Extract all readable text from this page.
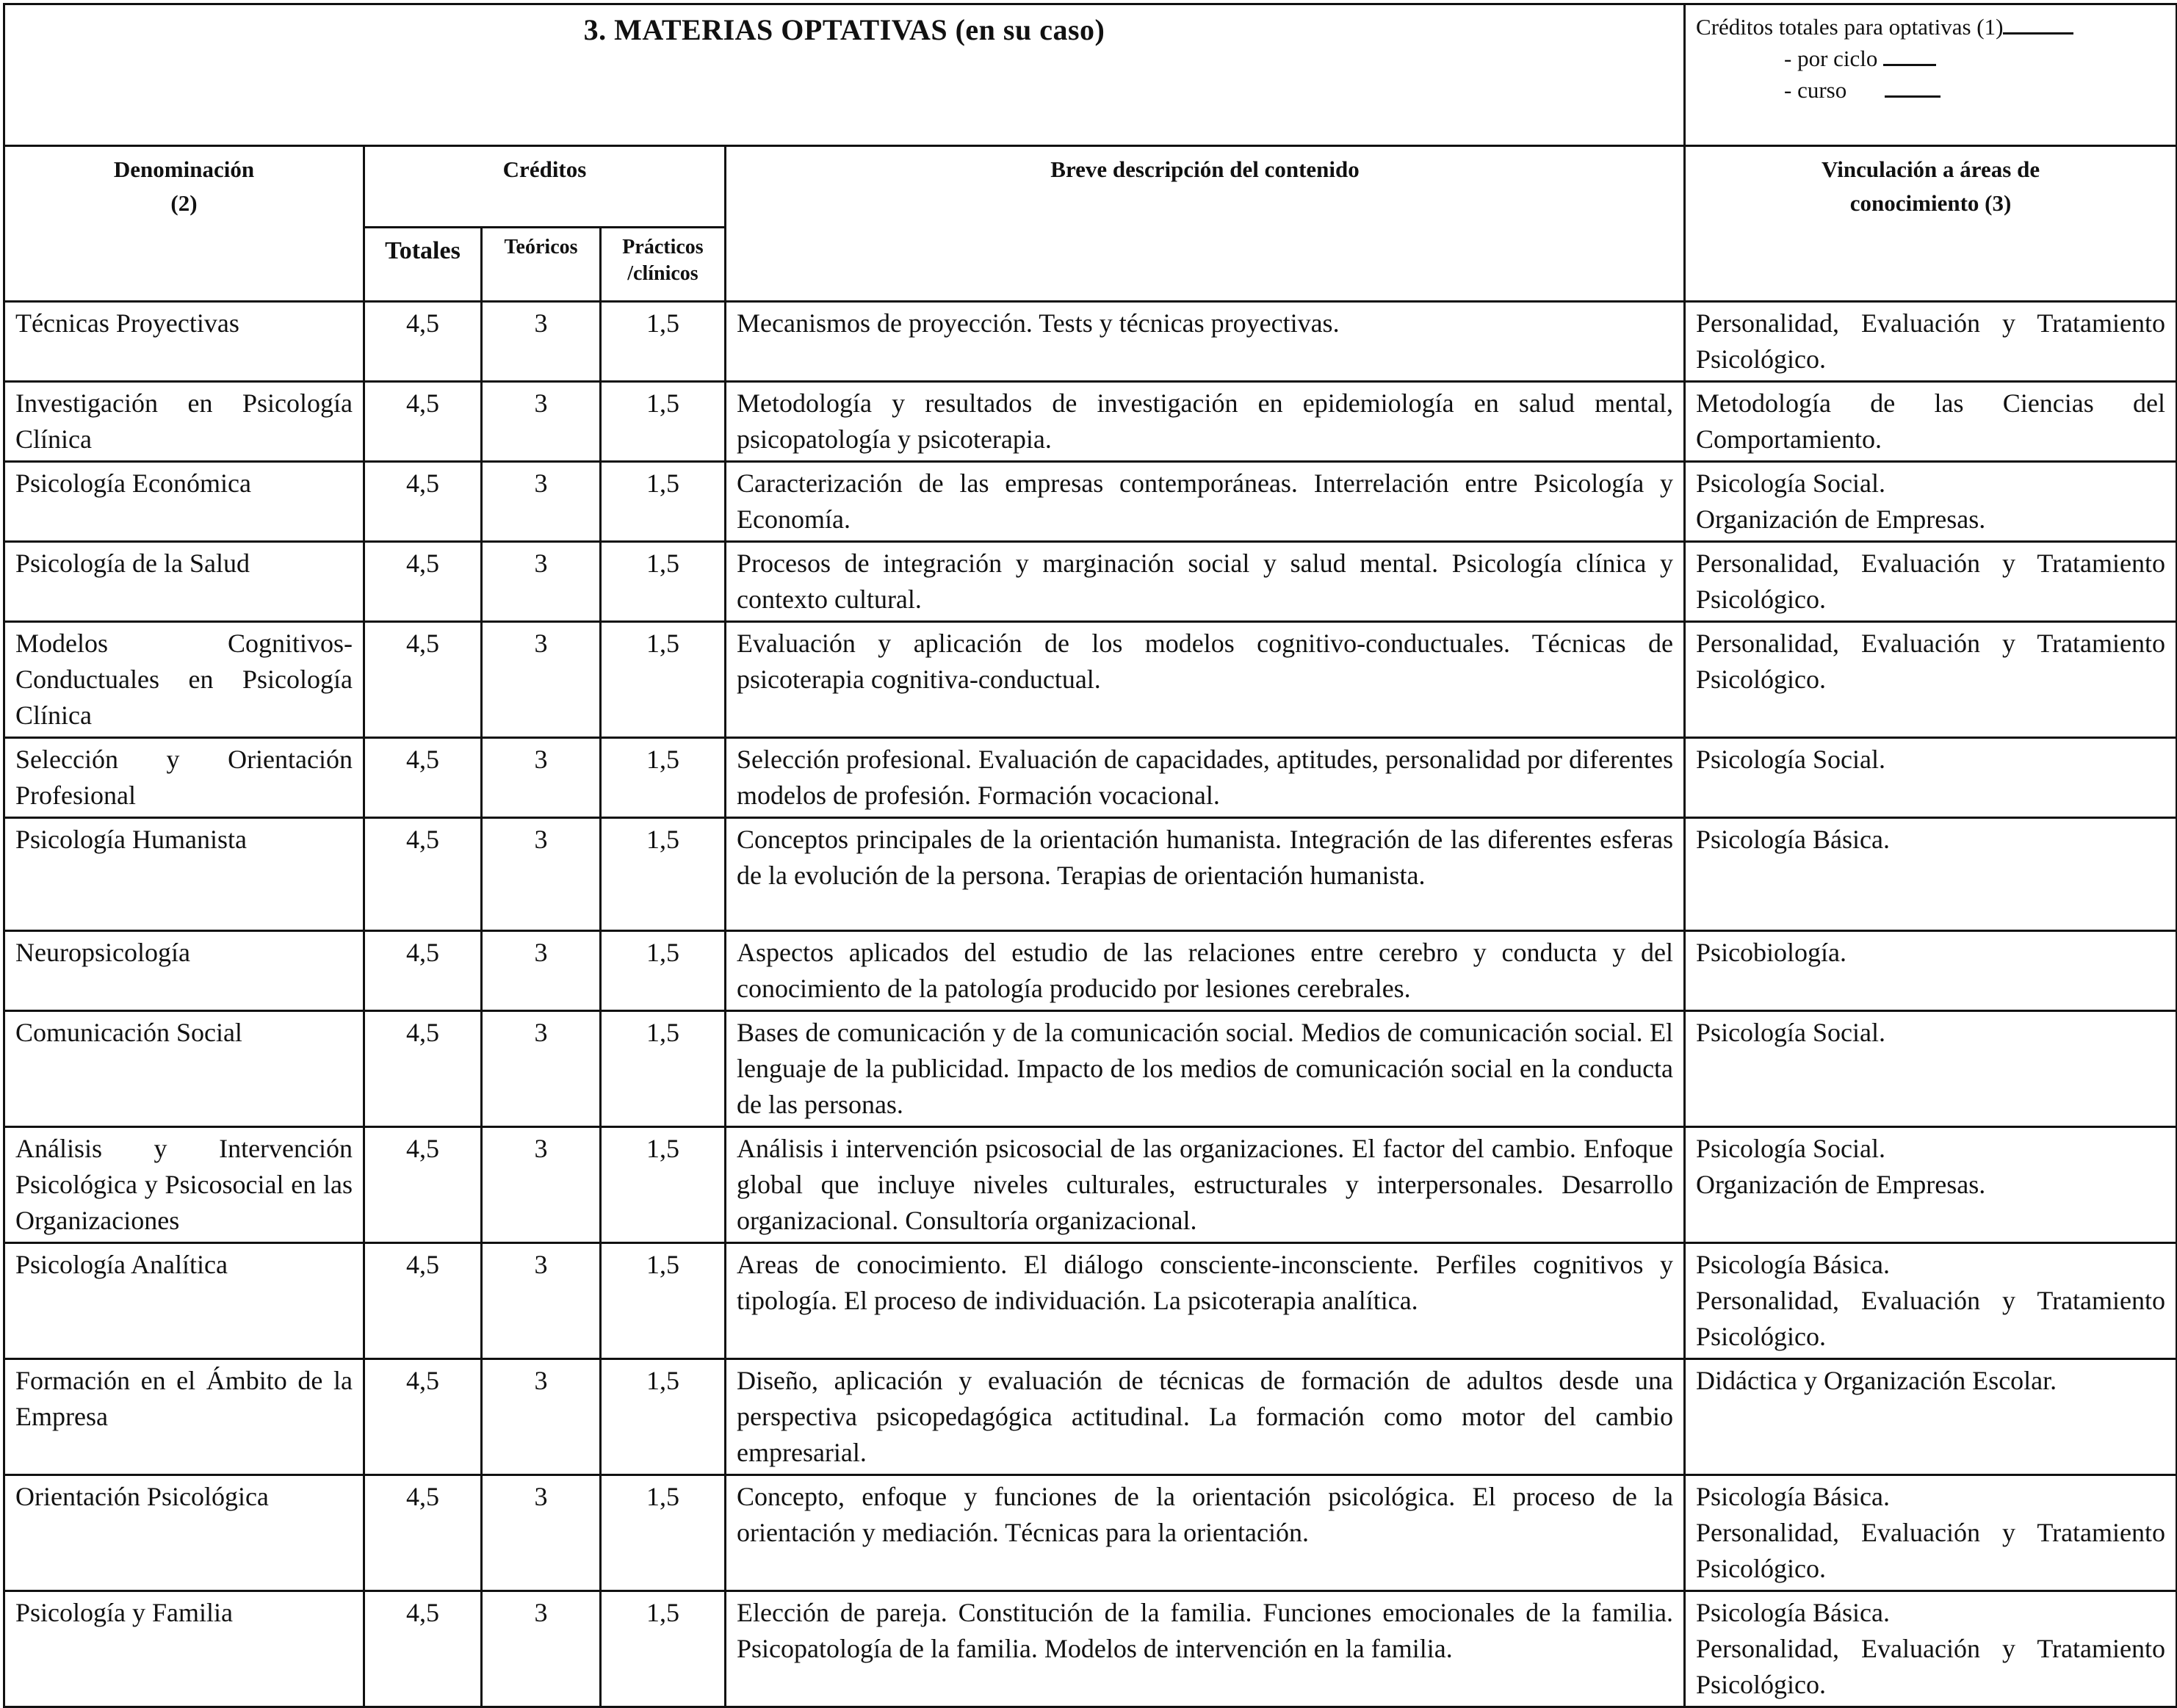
3. MATERIAS OPTATIVAS (en su caso)					Créditos totales para optativas (1)
- por ciclo
- curso

Denominación
(2)	Créditos			Breve descripción del contenido	Vinculación a áreas de
conocimiento (3)

	Totales	Teóricos	Prácticos
/clínicos		

Técnicas Proyectivas	4,5	3	1,5	Mecanismos de proyección. Tests y técnicas proyectivas.	Personalidad, Evaluación y Tratamiento Psicológico.

Investigación en Psicología Clínica	4,5	3	1,5	Metodología y resultados de investigación en epidemiología en salud mental, psicopatología y psicoterapia.	Metodología de las Ciencias del Comportamiento.

Psicología Económica	4,5	3	1,5	Caracterización de las empresas contemporáneas. Interrelación entre Psicología y Economía.	Psicología Social.
Organización de Empresas.

Psicología de la Salud	4,5	3	1,5	Procesos de integración y marginación social y salud mental. Psicología clínica y contexto cultural.	Personalidad, Evaluación y Tratamiento Psicológico.

Modelos Cognitivos-Conductuales en Psicología Clínica	4,5	3	1,5	Evaluación y aplicación de los modelos cognitivo-conductuales. Técnicas de psicoterapia cognitiva-conductual.	Personalidad, Evaluación y Tratamiento Psicológico.

Selección y Orientación Profesional	4,5	3	1,5	Selección profesional. Evaluación de capacidades, aptitudes, personalidad por diferentes modelos de profesión. Formación vocacional.	Psicología Social.

Psicología Humanista	4,5	3	1,5	Conceptos principales de la orientación humanista. Integración de las diferentes esferas de la evolución de la persona. Terapias de orientación humanista.	Psicología Básica.

Neuropsicología	4,5	3	1,5	Aspectos aplicados del estudio de las relaciones entre cerebro y conducta y del conocimiento de la patología producido por lesiones cerebrales.	Psicobiología.

Comunicación Social	4,5	3	1,5	Bases de comunicación y de la comunicación social. Medios de comunicación social. El lenguaje de la publicidad. Impacto de los medios de comunicación social en la conducta de las personas.	Psicología Social.

Análisis y Intervención Psicológica y Psicosocial en las Organizaciones	4,5	3	1,5	Análisis i intervención psicosocial de las organizaciones. El factor del cambio. Enfoque global que incluye niveles culturales, estructurales y interpersonales. Desarrollo organizacional. Consultoría organizacional.	Psicología Social.
Organización de Empresas.

Psicología Analítica	4,5	3	1,5	Areas de conocimiento. El diálogo consciente-inconsciente. Perfiles cognitivos y tipología. El proceso de individuación. La psicoterapia analítica.	Psicología Básica.
Personalidad, Evaluación y Tratamiento Psicológico.

Formación en el Ámbito de la Empresa	4,5	3	1,5	Diseño, aplicación y evaluación de técnicas de formación de adultos desde una perspectiva psicopedagógica actitudinal. La formación como motor del cambio empresarial.	Didáctica y Organización Escolar.

Orientación Psicológica	4,5	3	1,5	Concepto, enfoque y funciones de la orientación psicológica. El proceso de la orientación y mediación. Técnicas para la orientación.	Psicología Básica.
Personalidad, Evaluación y Tratamiento Psicológico.

Psicología y Familia	4,5	3	1,5	Elección de pareja. Constitución de la familia. Funciones emocionales de la familia. Psicopatología de la familia. Modelos de intervención en la familia.	Psicología Básica.
Personalidad, Evaluación y Tratamiento Psicológico.
